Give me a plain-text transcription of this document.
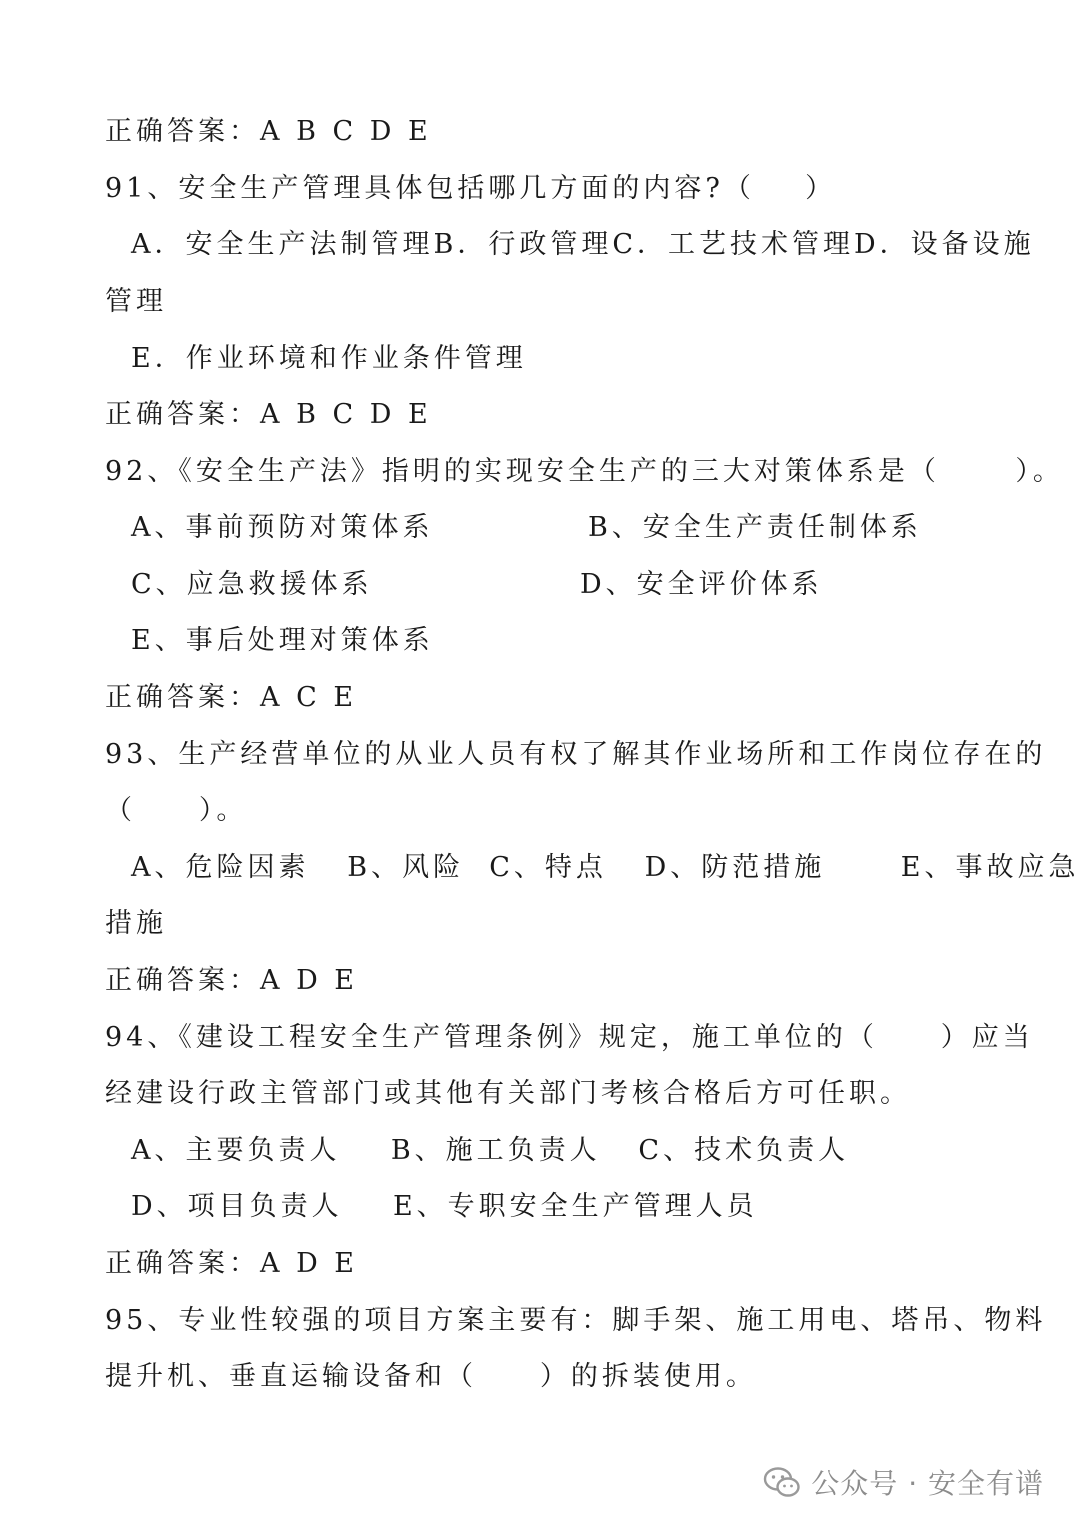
正确答案：A B C D E
91、安全生产管理具体包括哪几方面的内容?（    ）
A．安全生产法制管理B．行政管理C．工艺技术管理D．设备设施
管理
E．作业环境和作业条件管理
正确答案：A B C D E
92、《安全生产法》指明的实现安全生产的三大对策体系是（      ）。
A、事前预防对策体系	B、安全生产责任制体系
C、应急救援体系	D、安全评价体系
E、事后处理对策体系
正确答案：A C E
93、生产经营单位的从业人员有权了解其作业场所和工作岗位存在的
（     ）。
A、危险因素   B、风险  C、特点   D、防范措施      E、事故应急
措施
正确答案：A D E
94、《建设工程安全生产管理条例》规定，施工单位的（     ）应当
经建设行政主管部门或其他有关部门考核合格后方可任职。
A、主要负责人    B、施工负责人   C、技术负责人
D、项目负责人    E、专职安全生产管理人员
正确答案：A D E
95、专业性较强的项目方案主要有：脚手架、施工用电、塔吊、物料
提升机、垂直运输设备和（     ）的拆装使用。
公众号 · 安全有谱
